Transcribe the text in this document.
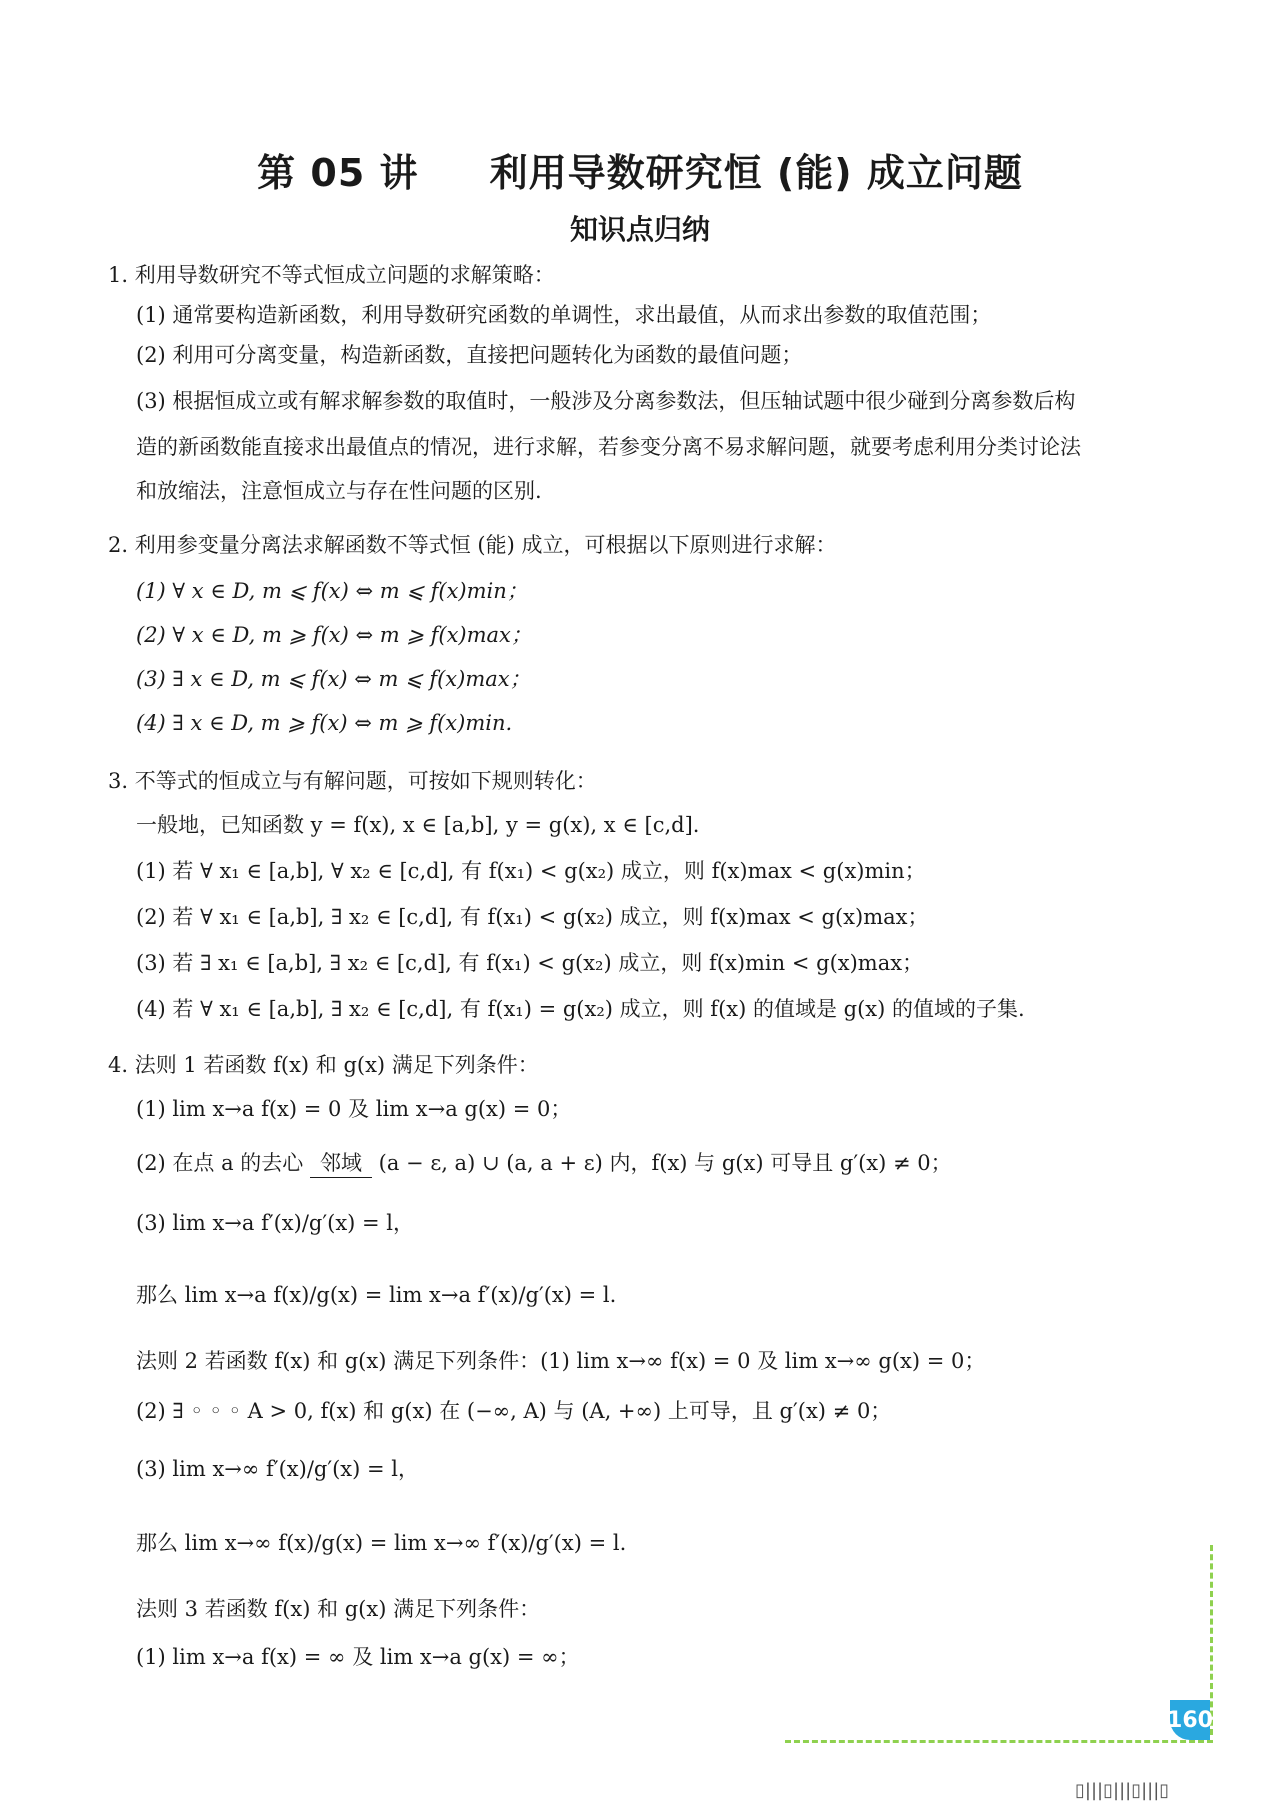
第 05 讲     利用导数研究恒 (能) 成立问题
知识点归纳
1. 利用导数研究不等式恒成立问题的求解策略：
(1) 通常要构造新函数，利用导数研究函数的单调性，求出最值，从而求出参数的取值范围；
(2) 利用可分离变量，构造新函数，直接把问题转化为函数的最值问题；
(3) 根据恒成立或有解求解参数的取值时，一般涉及分离参数法，但压轴试题中很少碰到分离参数后构
造的新函数能直接求出最值点的情况，进行求解，若参变分离不易求解问题，就要考虑利用分类讨论法
和放缩法，注意恒成立与存在性问题的区别.
2. 利用参变量分离法求解函数不等式恒 (能) 成立，可根据以下原则进行求解：
(1) ∀ x ∈ D, m ⩽ f(x) ⇔ m ⩽ f(x)min；
(2) ∀ x ∈ D, m ⩾ f(x) ⇔ m ⩾ f(x)max；
(3) ∃ x ∈ D, m ⩽ f(x) ⇔ m ⩽ f(x)max；
(4) ∃ x ∈ D, m ⩾ f(x) ⇔ m ⩾ f(x)min.
3. 不等式的恒成立与有解问题，可按如下规则转化：
一般地，已知函数 y = f(x), x ∈ [a,b], y = g(x), x ∈ [c,d].
(1) 若 ∀ x₁ ∈ [a,b], ∀ x₂ ∈ [c,d], 有 f(x₁) < g(x₂) 成立，则 f(x)max < g(x)min；
(2) 若 ∀ x₁ ∈ [a,b], ∃ x₂ ∈ [c,d], 有 f(x₁) < g(x₂) 成立，则 f(x)max < g(x)max；
(3) 若 ∃ x₁ ∈ [a,b], ∃ x₂ ∈ [c,d], 有 f(x₁) < g(x₂) 成立，则 f(x)min < g(x)max；
(4) 若 ∀ x₁ ∈ [a,b], ∃ x₂ ∈ [c,d], 有 f(x₁) = g(x₂) 成立，则 f(x) 的值域是 g(x) 的值域的子集.
4. 法则 1 若函数 f(x) 和 g(x) 满足下列条件：
(1) lim x→a f(x) = 0 及 lim x→a g(x) = 0；
(2) 在点 a 的去心 邻域 (a − ε, a) ∪ (a, a + ε) 内，f(x) 与 g(x) 可导且 g′(x) ≠ 0；
(3) lim x→a f′(x)/g′(x) = l，
那么 lim x→a f(x)/g(x) = lim x→a f′(x)/g′(x) = l.
法则 2 若函数 f(x) 和 g(x) 满足下列条件：(1) lim x→∞ f(x) = 0 及 lim x→∞ g(x) = 0；
(2) ∃ ◦ ◦ ◦ A > 0, f(x) 和 g(x) 在 (−∞, A) 与 (A, +∞) 上可导，且 g′(x) ≠ 0；
(3) lim x→∞ f′(x)/g′(x) = l，
那么 lim x→∞ f(x)/g(x) = lim x→∞ f′(x)/g′(x) = l.
法则 3 若函数 f(x) 和 g(x) 满足下列条件：
(1) lim x→a f(x) = ∞ 及 lim x→a g(x) = ∞；
160
▯|||▯|||▯|||▯
